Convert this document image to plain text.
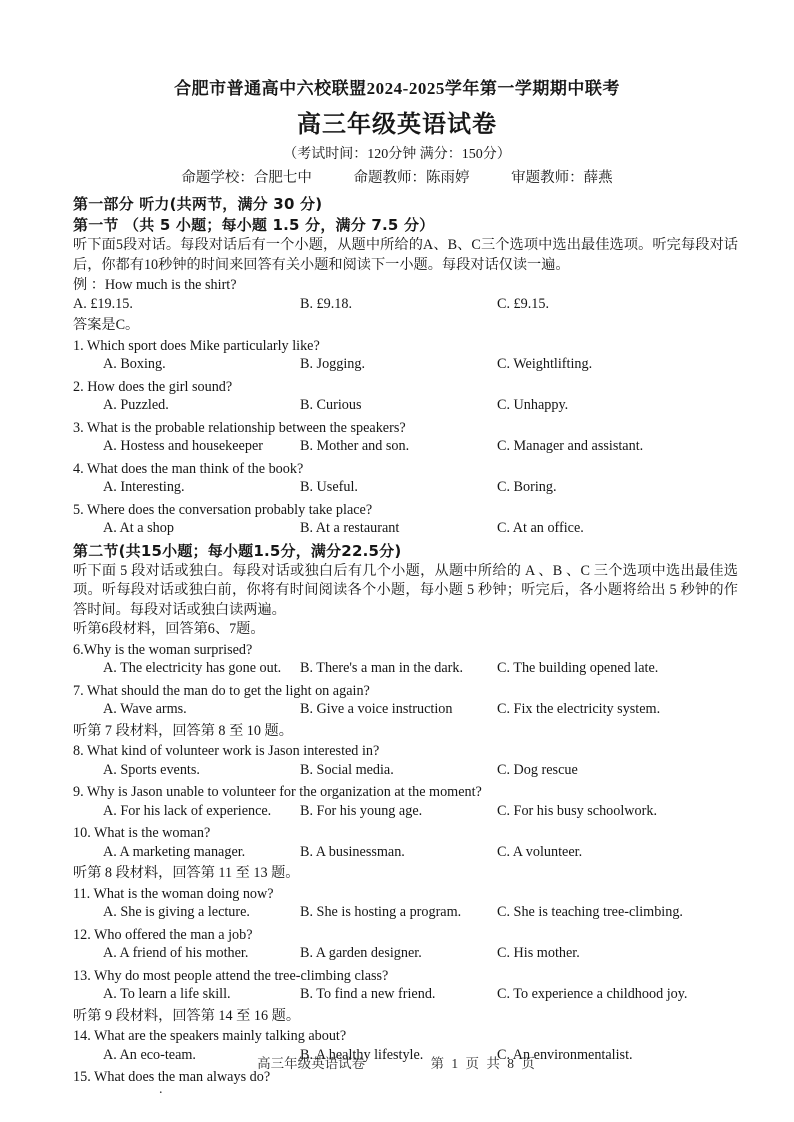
合肥市普通高中六校联盟2024-2025学年第一学期期中联考
高三年级英语试卷
（考试时间：120分钟 满分：150分）
命题学校：合肥七中	命题教师：陈雨婷	审题教师：薛燕
第一部分 听力(共两节，满分 30 分)
第一节 （共 5 小题；每小题 1.5 分，满分 7.5 分）
听下面5段对话。每段对话后有一个小题，从题中所给的A、B、C三个选项中选出最佳选项。听完每段对话后，你都有10秒钟的时间来回答有关小题和阅读下一小题。每段对话仅读一遍。
例 ：How much is the shirt?
A. £19.15.	B. £9.18.	C. £9.15.
答案是C。
1. Which sport does Mike particularly like?
A. Boxing.	B. Jogging.	C. Weightlifting.
2. How does the girl sound?
A. Puzzled.	B. Curious	C. Unhappy.
3. What is the probable relationship between the speakers?
A. Hostess and housekeeper	B. Mother and son.	C. Manager and assistant.
4. What does the man think of the book?
A. Interesting.	B. Useful.	C. Boring.
5. Where does the conversation probably take place?
A. At a shop	B. At a restaurant	C. At an office.
第二节(共15小题；每小题1.5分，满分22.5分)
听下面 5 段对话或独白。每段对话或独白后有几个小题，从题中所给的 A 、B 、C 三个选项中选出最佳选项。听每段对话或独白前，你将有时间阅读各个小题，每小题 5 秒钟；听完后，各小题将给出 5 秒钟的作答时间。每段对话或独白读两遍。
听第6段材料，回答第6、7题。
6.Why is the woman surprised?
A. The electricity has gone out. B. There's a man in the dark. C. The building opened late.
7. What should the man do to get the light on again?
A. Wave arms.	B. Give a voice instruction	C. Fix the electricity system.
听第 7 段材料，回答第 8 至 10 题。
8. What kind of volunteer work is Jason interested in?
A. Sports events.	B. Social media.	C. Dog rescue
9. Why is Jason unable to volunteer for the organization at the moment?
A. For his lack of experience. B. For his young age.	C. For his busy schoolwork.
10. What is the woman?
A. A marketing manager.	B. A businessman.	C. A volunteer.
听第 8 段材料，回答第 11 至 13 题。
11. What is the woman doing now?
A. She is giving a lecture.	B. She is hosting a program.	C. She is teaching tree-climbing.
12. Who offered the man a job?
A. A friend of his mother.	B. A garden designer.	C. His mother.
13. Why do most people attend the tree-climbing class?
A. To learn a life skill.	B. To find a new friend.	C. To experience a childhood joy.
听第 9 段材料，回答第 14 至 16 题。
14. What are the speakers mainly talking about?
A. An eco-team.	B. A healthy lifestyle.	C. An environmentalist.
15. What does the man always do?
高三年级英语试卷	第 1 页 共 8 页
.
